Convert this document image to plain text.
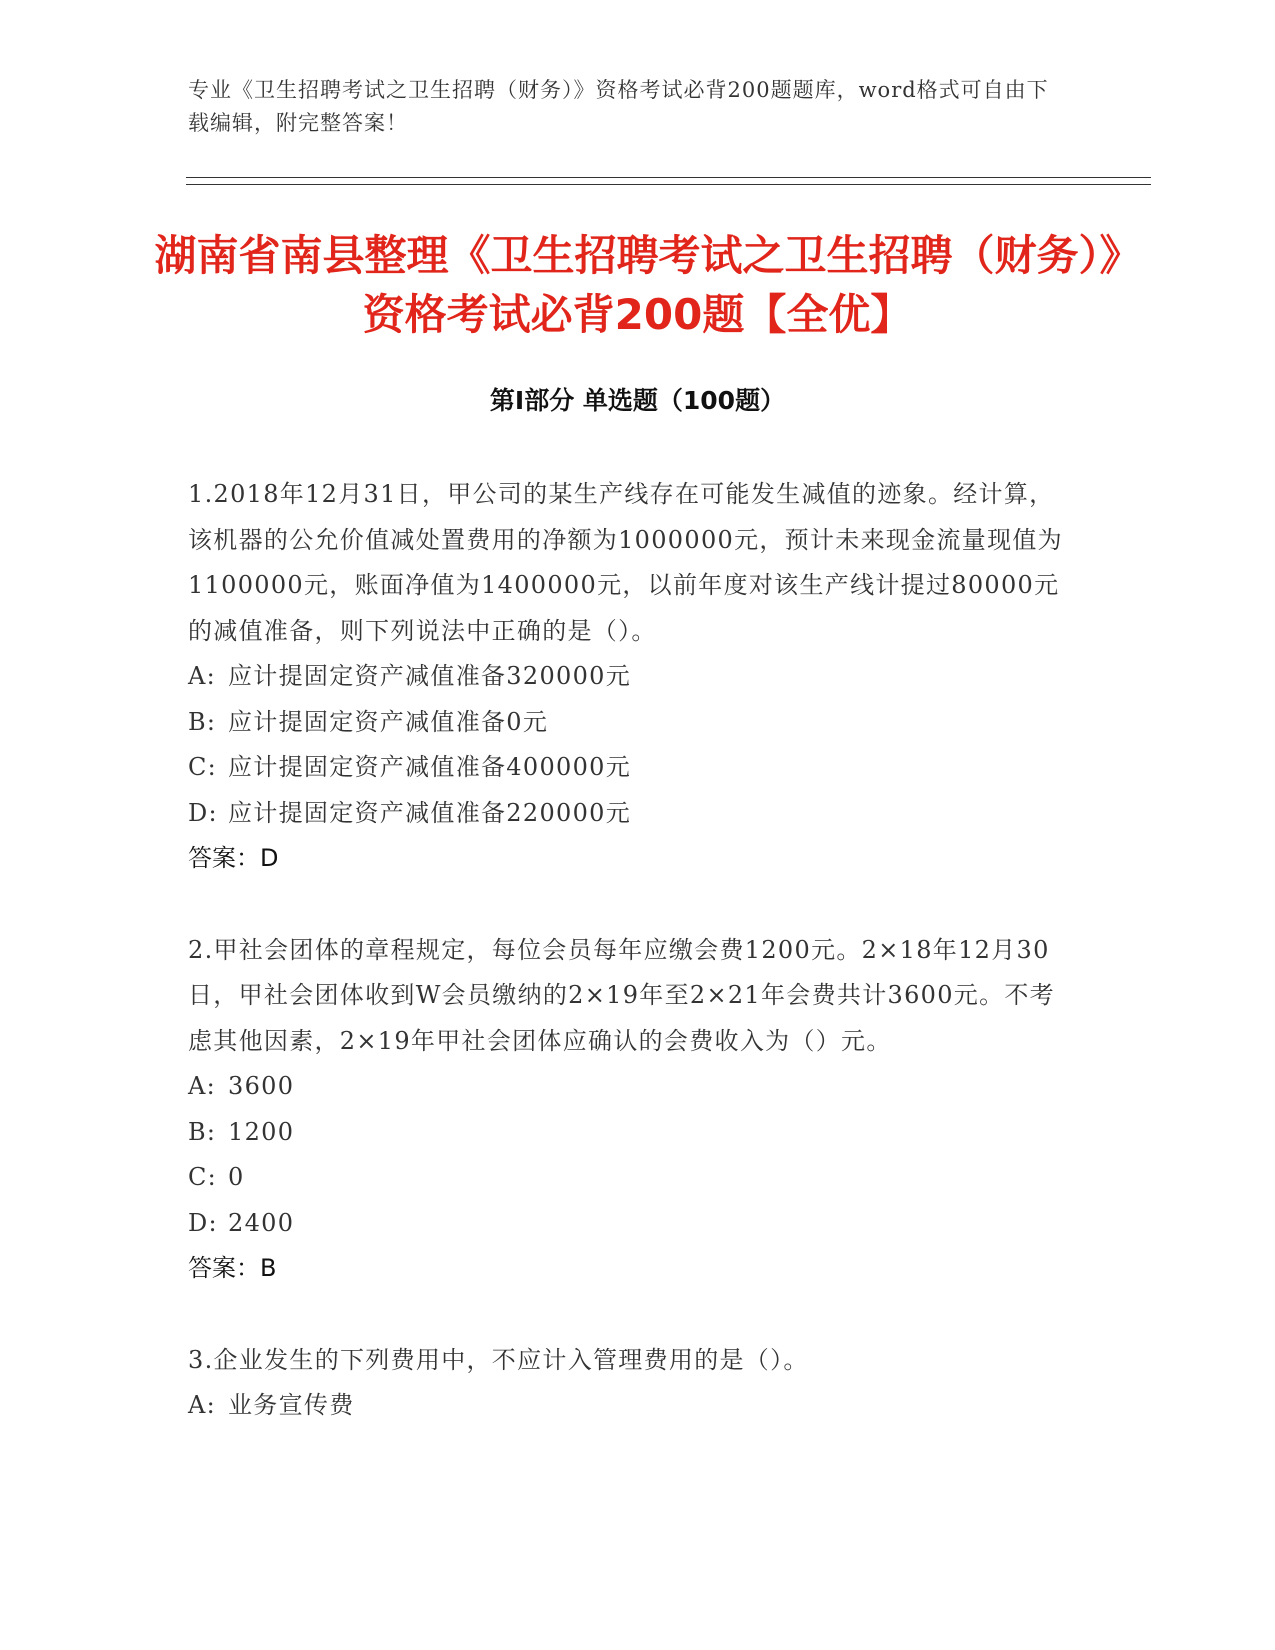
专业《卫生招聘考试之卫生招聘（财务）》资格考试必背200题题库，word格式可自由下载编辑，附完整答案！
湖南省南县整理《卫生招聘考试之卫生招聘（财务）》资格考试必背200题【全优】
第I部分 单选题（100题）

1.2018年12月31日，甲公司的某生产线存在可能发生减值的迹象。经计算，该机器的公允价值减处置费用的净额为1000000元，预计未来现金流量现值为1100000元，账面净值为1400000元，以前年度对该生产线计提过80000元的减值准备，则下列说法中正确的是（）。

A: 应计提固定资产减值准备320000元

B: 应计提固定资产减值准备0元

C: 应计提固定资产减值准备400000元

D: 应计提固定资产减值准备220000元

答案：D

2.甲社会团体的章程规定，每位会员每年应缴会费1200元。2×18年12月30日，甲社会团体收到W会员缴纳的2×19年至2×21年会费共计3600元。不考虑其他因素，2×19年甲社会团体应确认的会费收入为（）元。

A: 3600

B: 1200

C: 0

D: 2400

答案：B

3.企业发生的下列费用中，不应计入管理费用的是（）。

A: 业务宣传费
